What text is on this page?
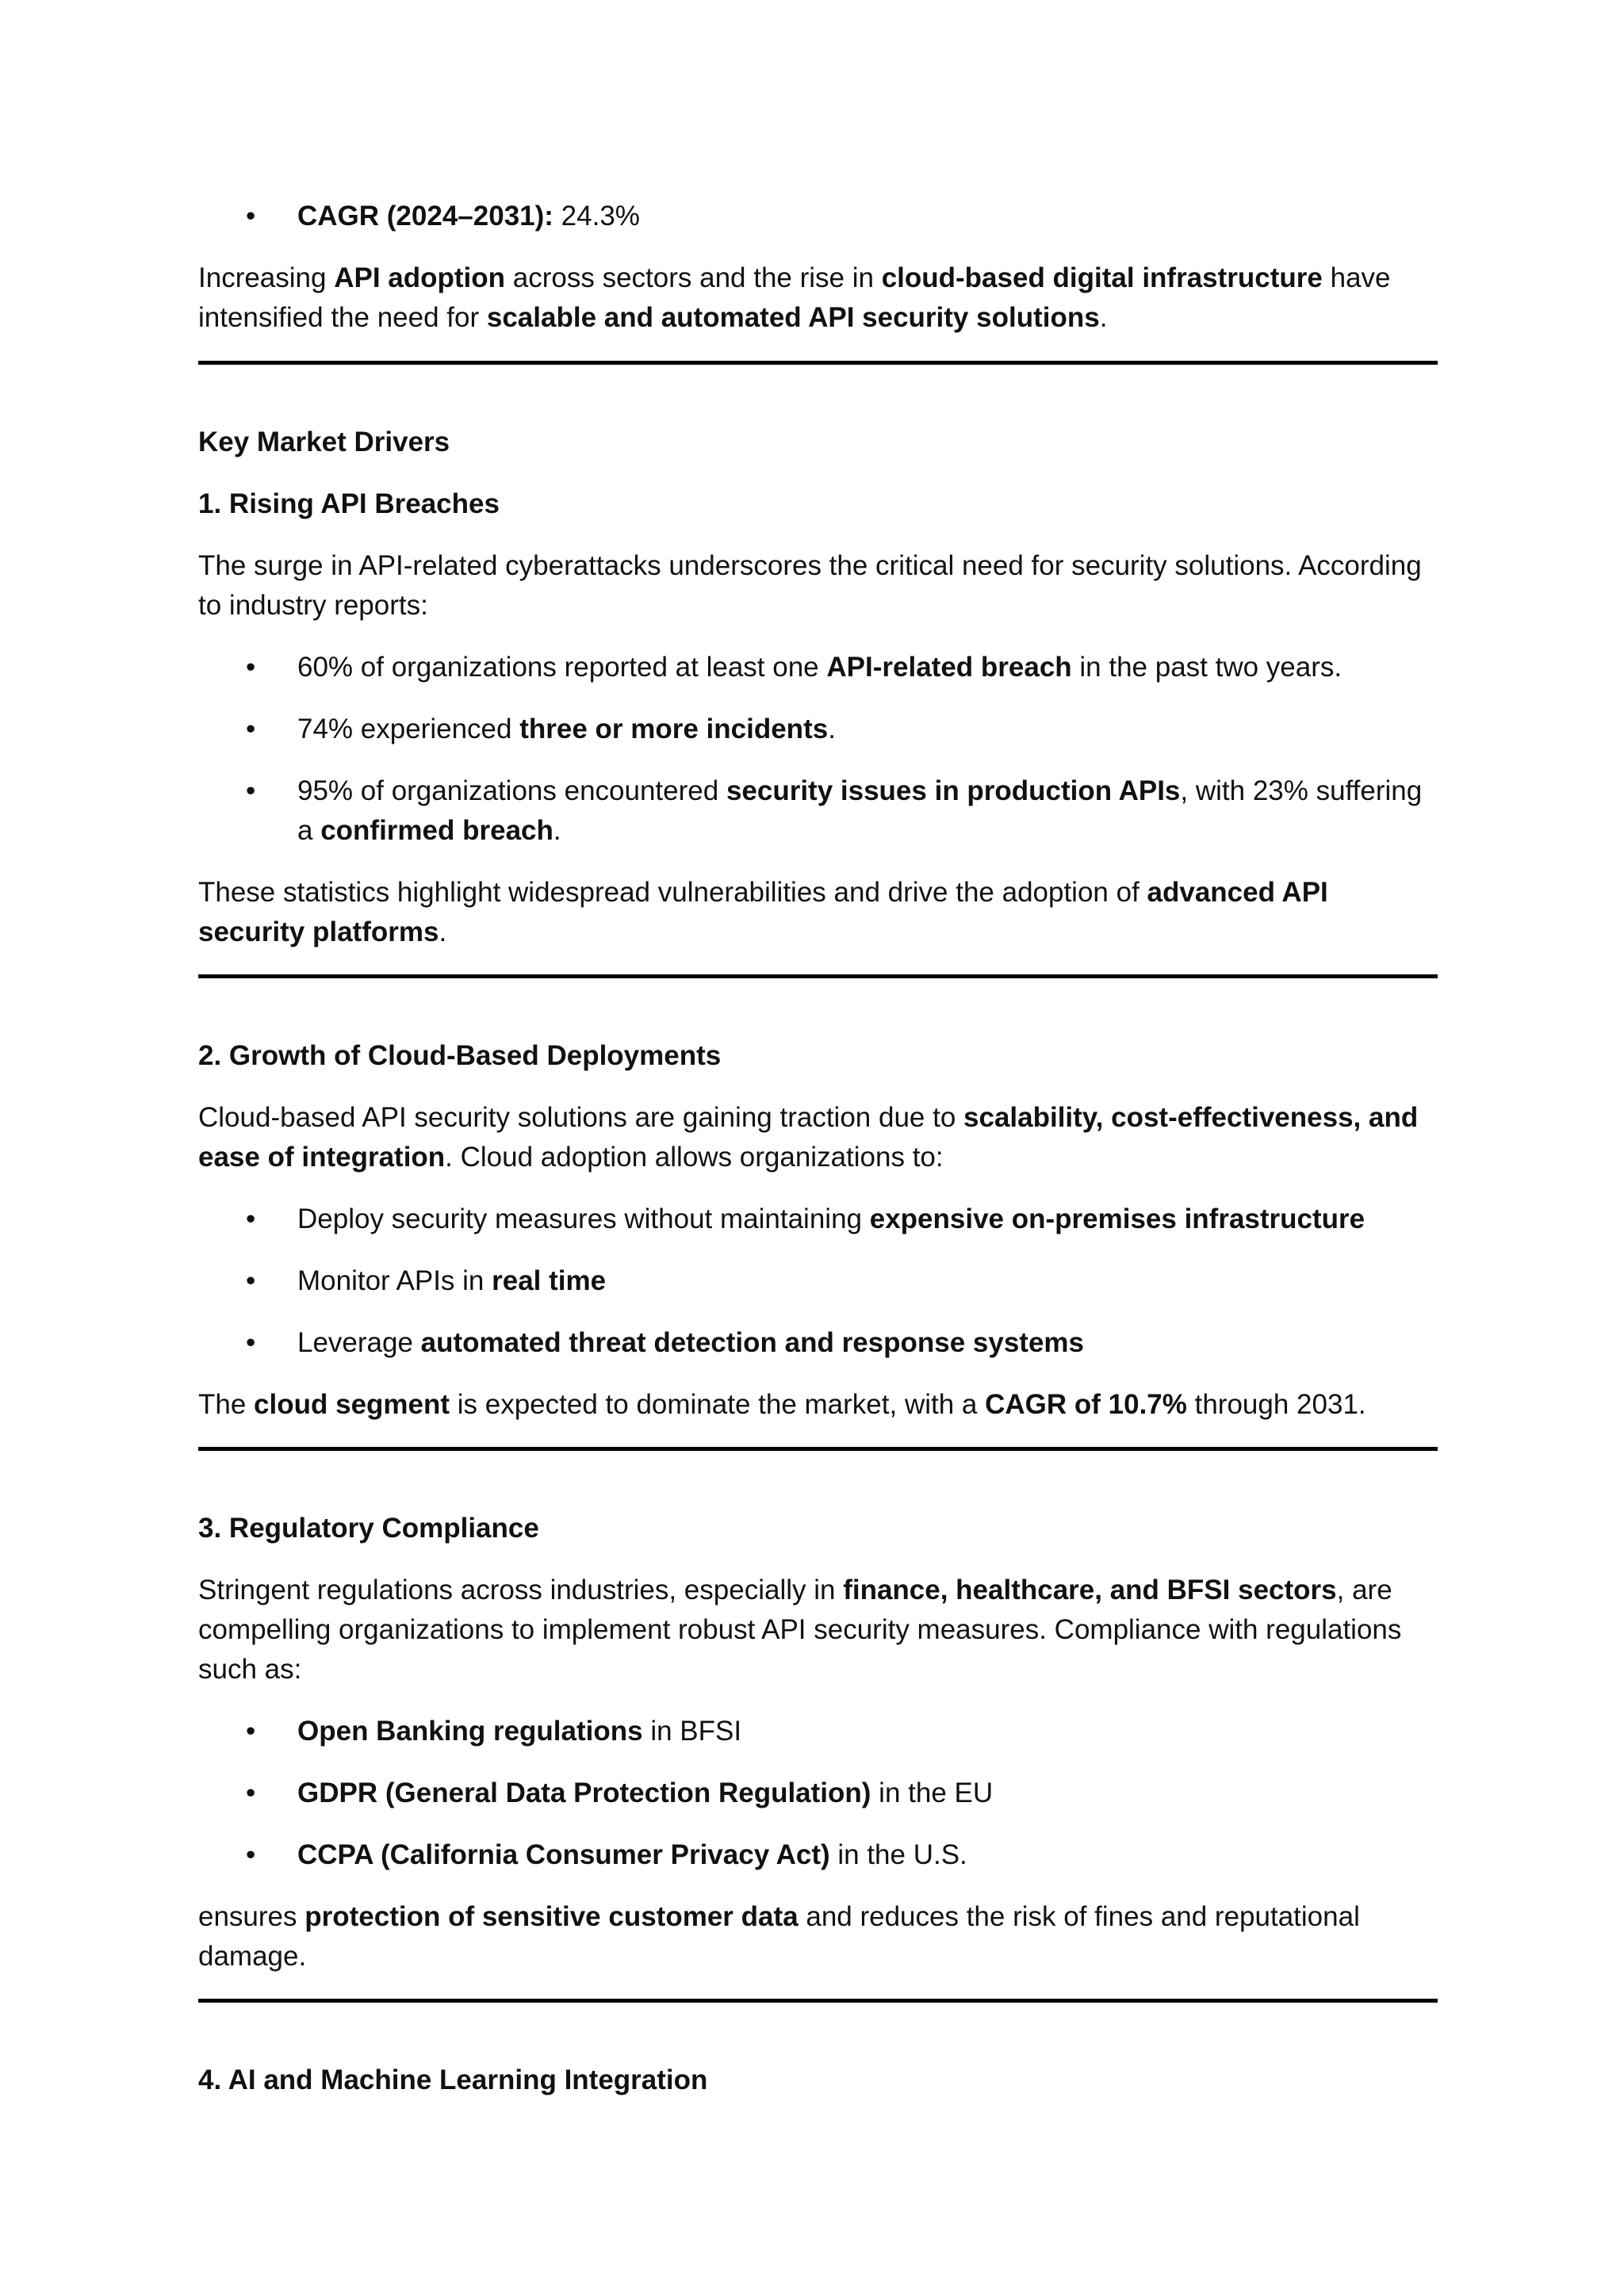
•	CAGR (2024–2031): 24.3%

Increasing API adoption across sectors and the rise in cloud-based digital infrastructure have intensified the need for scalable and automated API security solutions.

Key Market Drivers
1. Rising API Breaches

The surge in API-related cyberattacks underscores the critical need for security solutions. According to industry reports:

•	60% of organizations reported at least one API-related breach in the past two years.
•	74% experienced three or more incidents.
•	95% of organizations encountered security issues in production APIs, with 23% suffering a confirmed breach.

These statistics highlight widespread vulnerabilities and drive the adoption of advanced API security platforms.

2. Growth of Cloud-Based Deployments

Cloud-based API security solutions are gaining traction due to scalability, cost-effectiveness, and ease of integration. Cloud adoption allows organizations to:

•	Deploy security measures without maintaining expensive on-premises infrastructure
•	Monitor APIs in real time
•	Leverage automated threat detection and response systems

The cloud segment is expected to dominate the market, with a CAGR of 10.7% through 2031.

3. Regulatory Compliance

Stringent regulations across industries, especially in finance, healthcare, and BFSI sectors, are compelling organizations to implement robust API security measures. Compliance with regulations such as:

•	Open Banking regulations in BFSI
•	GDPR (General Data Protection Regulation) in the EU
•	CCPA (California Consumer Privacy Act) in the U.S.

ensures protection of sensitive customer data and reduces the risk of fines and reputational damage.

4. AI and Machine Learning Integration
